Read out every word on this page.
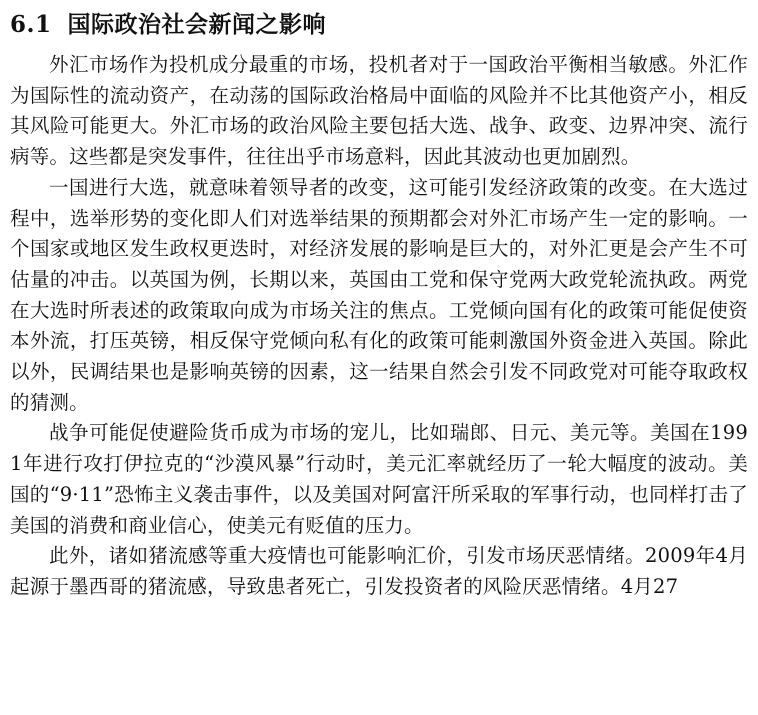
6.1 国际政治社会新闻之影响

外汇市场作为投机成分最重的市场，投机者对于一国政治平衡相当敏感。外汇作为国际性的流动资产，在动荡的国际政治格局中面临的风险并不比其他资产小，相反其风险可能更大。外汇市场的政治风险主要包括大选、战争、政变、边界冲突、流行病等。这些都是突发事件，往往出乎市场意料，因此其波动也更加剧烈。

一国进行大选，就意味着领导者的改变，这可能引发经济政策的改变。在大选过程中，选举形势的变化即人们对选举结果的预期都会对外汇市场产生一定的影响。一个国家或地区发生政权更迭时，对经济发展的影响是巨大的，对外汇更是会产生不可估量的冲击。以英国为例，长期以来，英国由工党和保守党两大政党轮流执政。两党在大选时所表述的政策取向成为市场关注的焦点。工党倾向国有化的政策可能促使资本外流，打压英镑，相反保守党倾向私有化的政策可能刺激国外资金进入英国。除此以外，民调结果也是影响英镑的因素，这一结果自然会引发不同政党对可能夺取政权的猜测。

战争可能促使避险货币成为市场的宠儿，比如瑞郎、日元、美元等。美国在1991年进行攻打伊拉克的“沙漠风暴”行动时，美元汇率就经历了一轮大幅度的波动。美国的“9·11”恐怖主义袭击事件，以及美国对阿富汗所采取的军事行动，也同样打击了美国的消费和商业信心，使美元有贬值的压力。

此外，诸如猪流感等重大疫情也可能影响汇价，引发市场厌恶情绪。2009年4月起源于墨西哥的猪流感，导致患者死亡，引发投资者的风险厌恶情绪。4月27
